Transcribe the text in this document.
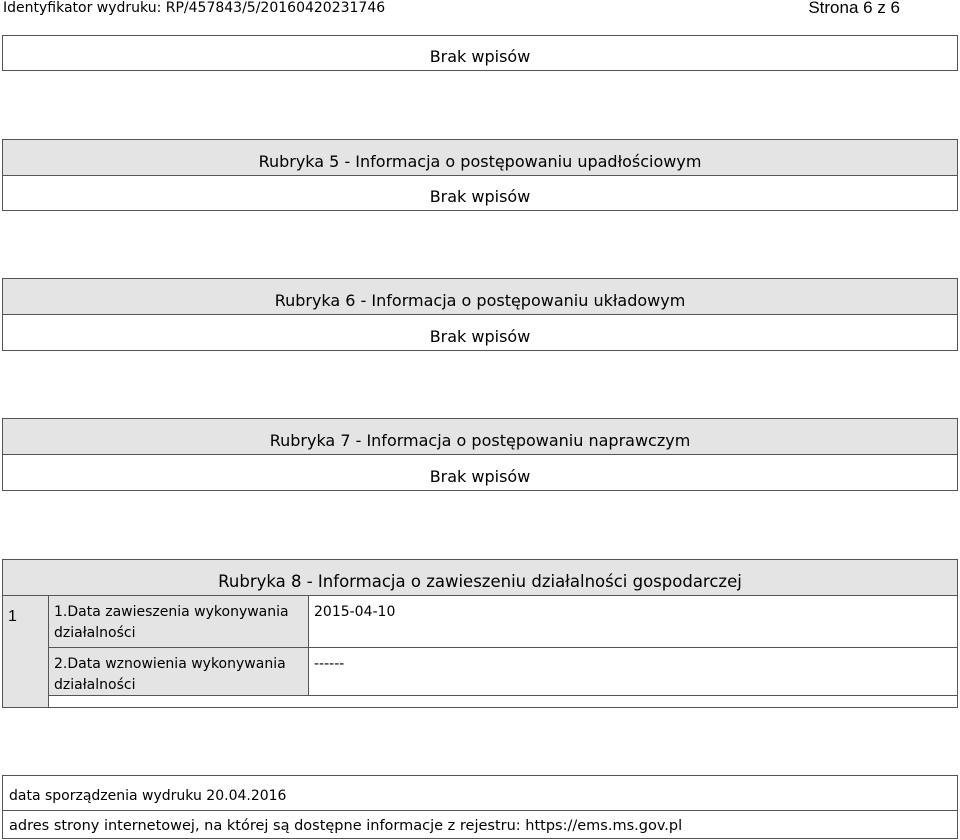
Identyfikator wydruku: RP/457843/5/20160420231746	Strona 6 z 6
Brak wpisów
Rubryka 5 - Informacja o postępowaniu upadłościowym
Brak wpisów
Rubryka 6 - Informacja o postępowaniu układowym
Brak wpisów
Rubryka 7 - Informacja o postępowaniu naprawczym
Brak wpisów
Rubryka 8 - Informacja o zawieszeniu działalności gospodarczej
1	1.Data zawieszenia wykonywania działalności
2015-04-10
2.Data wznowienia wykonywania działalności
------
data sporządzenia wydruku 20.04.2016
adres strony internetowej, na której są dostępne informacje z rejestru: https://ems.ms.gov.pl
